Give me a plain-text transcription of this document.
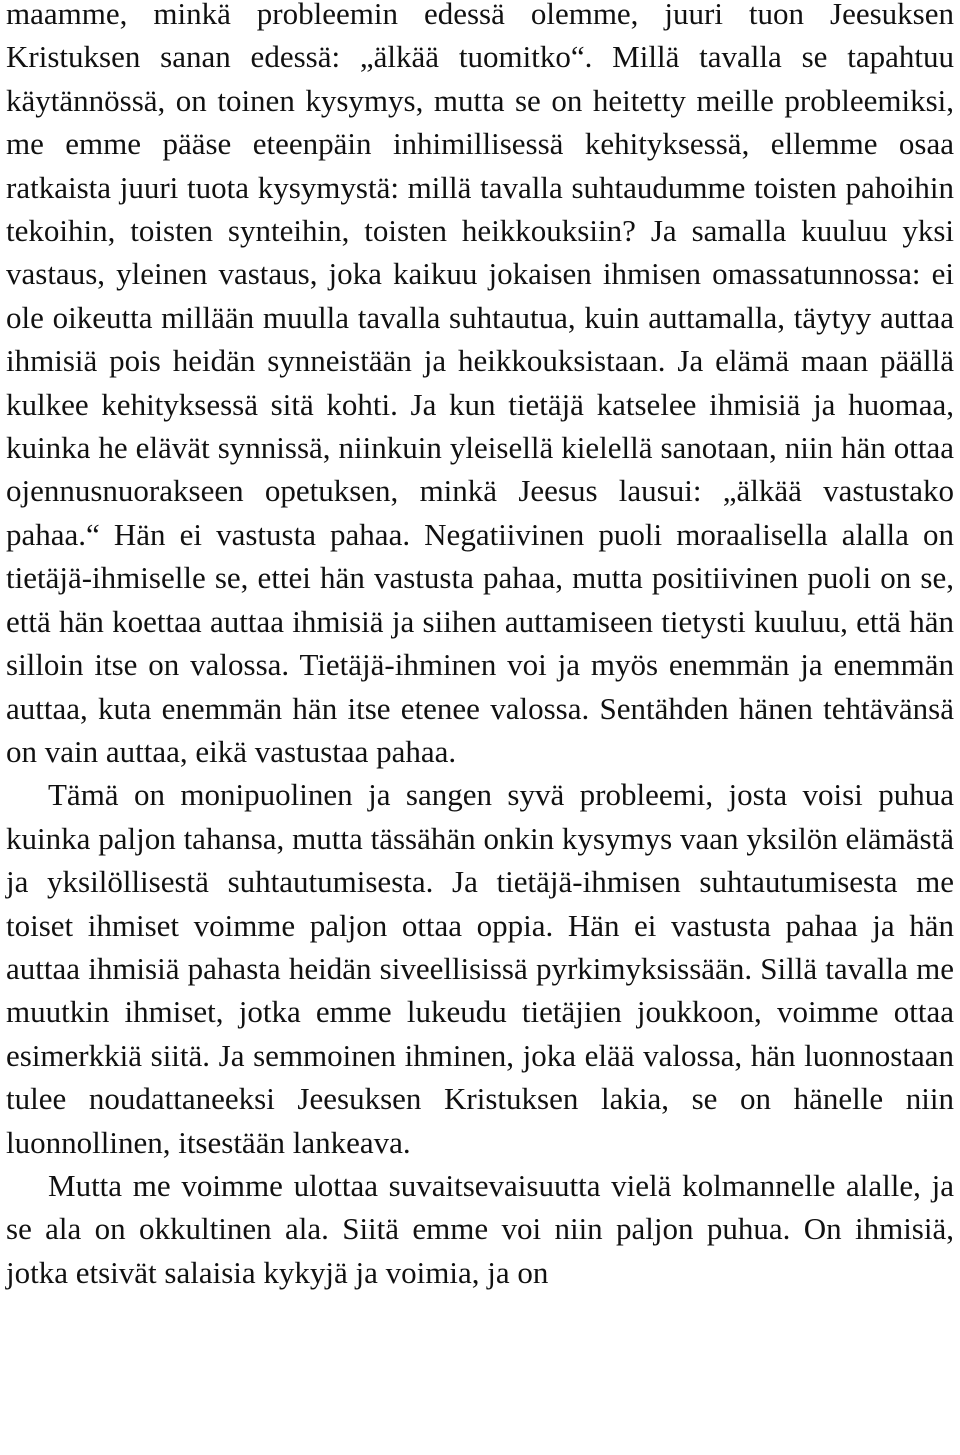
maamme, minkä probleemin edessä olemme, juuri tuon Jeesuksen Kristuksen sanan edessä: „älkää tuomitko“. Millä tavalla se tapahtuu käytännössä, on toinen kysymys, mutta se on heitetty meille probleemiksi, me emme pääse eteenpäin inhimillisessä kehityksessä, ellemme osaa ratkaista juuri tuota kysymystä: millä tavalla suhtaudumme toisten pahoihin tekoihin, toisten synteihin, toisten heikkouksiin? Ja samalla kuuluu yksi vastaus, yleinen vastaus, joka kaikuu jokaisen ihmisen omassatunnossa: ei ole oikeutta millään muulla tavalla suhtautua, kuin auttamalla, täytyy auttaa ihmisiä pois heidän synneistään ja heikkouksistaan. Ja elämä maan päällä kulkee kehityksessä sitä kohti. Ja kun tietäjä katselee ihmisiä ja huomaa, kuinka he elävät synnissä, niinkuin yleisellä kielellä sanotaan, niin hän ottaa ojennusnuorakseen opetuksen, minkä Jeesus lausui: „älkää vastustako pahaa.“ Hän ei vastusta pahaa. Negatiivinen puoli moraalisella alalla on tietäjä-ihmiselle se, ettei hän vastusta pahaa, mutta positiivinen puoli on se, että hän koettaa auttaa ihmisiä ja siihen auttamiseen tietysti kuuluu, että hän silloin itse on valossa. Tietäjä-ihminen voi ja myös enemmän ja enemmän auttaa, kuta enemmän hän itse etenee valossa. Sentähden hänen tehtävänsä on vain auttaa, eikä vastustaa pahaa.

Tämä on monipuolinen ja sangen syvä probleemi, josta voisi puhua kuinka paljon tahansa, mutta tässähän onkin kysymys vaan yksilön elämästä ja yksilöllisestä suhtautumisesta. Ja tietäjä-ihmisen suhtautumisesta me toiset ihmiset voimme paljon ottaa oppia. Hän ei vastusta pahaa ja hän auttaa ihmisiä pahasta heidän siveellisissä pyrkimyksissään. Sillä tavalla me muutkin ihmiset, jotka emme lukeudu tietäjien joukkoon, voimme ottaa esimerkkiä siitä. Ja semmoinen ihminen, joka elää valossa, hän luonnostaan tulee noudattaneeksi Jeesuksen Kristuksen lakia, se on hänelle niin luonnollinen, itsestään lankeava.

Mutta me voimme ulottaa suvaitsevaisuutta vielä kolmannelle alalle, ja se ala on okkultinen ala. Siitä emme voi niin paljon puhua. On ihmisiä, jotka etsivät salaisia kykyjä ja voimia, ja on
